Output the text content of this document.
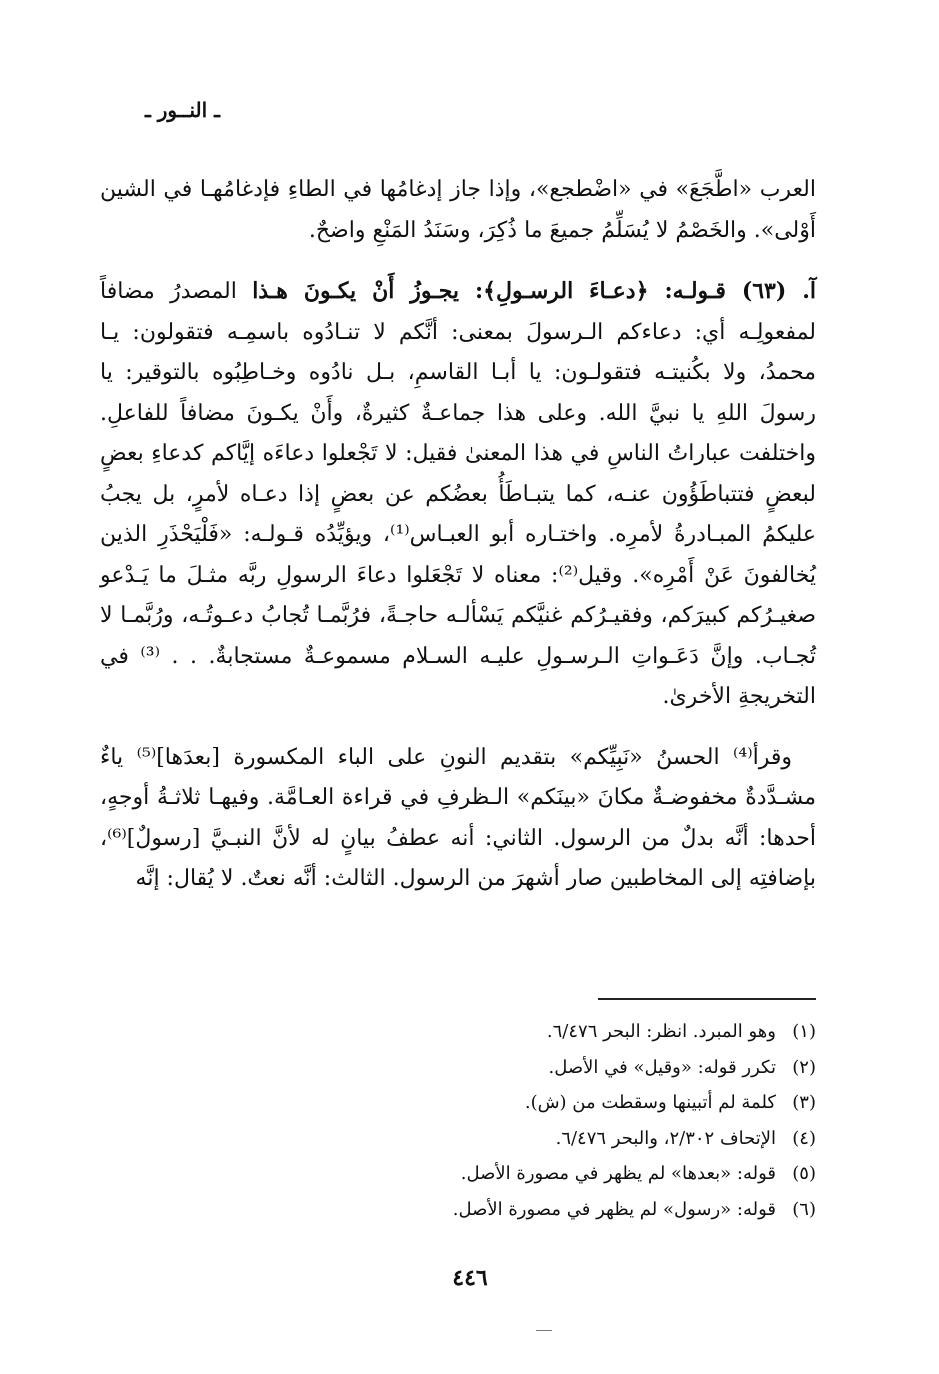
ـ النــور ـ

العرب «اطَّجَعَ» في «اضْطجع»، وإذا جاز إدغامُها في الطاءِ فإدغامُهـا في الشين أَوْلى». والخَصْمُ لا يُسَلِّمُ جميعَ ما ذُكِرَ، وسَنَدُ المَنْعِ واضحٌ.

آ. (٦٣) قـولـه: ﴿دعـاءَ الرسـولِ﴾: يجـوزُ أَنْ يكـونَ هـذا المصدرُ مضافاً لمفعولِـه أي: دعاءكم الـرسولَ بمعنى: أنَّكم لا تنـادُوه باسمِـه فتقولون: يـا محمدُ، ولا بكُنيتـه فتقولـون: يا أبـا القاسمِ، بـل نادُوه وخـاطِبُوه بالتوقير: يا رسولَ اللهِ يا نبيَّ الله. وعلى هذا جماعـةٌ كثيرةٌ، وأَنْ يكـونَ مضافاً للفاعلِ. واختلفت عباراتُ الناسِ في هذا المعنىٰ فقيل: لا تَجْعلوا دعاءَه إيَّاكم كدعاءِ بعضٍ لبعضٍ فتتباطَؤُون عنـه، كما يتبـاطَأُ بعضُكم عن بعضٍ إذا دعـاه لأمرٍ، بل يجبُ عليكمُ المبـادرةُ لأمرِه. واختـاره أبو العبـاس⁽¹⁾، ويؤيِّدُه قـولـه: «فَلْيَحْذَرِ الذين يُخالفونَ عَنْ أَمْرِه». وقيل⁽²⁾: معناه لا تَجْعَلوا دعاءَ الرسولِ ربَّه مثـلَ ما يَـدْعو صغيـرُكم كبيرَكم، وفقيـرُكم غنيَّكم يَسْألـه حاجـةً، فرُبَّمـا تُجابُ دعـوتُـه، ورُبَّمـا لا تُجـاب. وإنَّ دَعَـواتِ الـرسـولِ عليـه السـلام مسموعـةٌ مستجابةٌ. . . ⁽³⁾ في التخريجةِ الأخرىٰ.

وقرأ⁽⁴⁾ الحسنُ «نَبِيِّكم» بتقديم النونِ على الباء المكسورة [بعدَها]⁽⁵⁾ ياءٌ مشـدَّدةٌ مخفوضـةٌ مكانَ «بينَكم» الـظرفِ في قراءة العـامَّة. وفيهـا ثلاثـةُ أوجهٍ، أحدها: أنَّه بدلٌ من الرسول. الثاني: أنه عطفُ بيانٍ له لأنَّ النبـيَّ [رسولٌ]⁽⁶⁾، بإضافتِه إلى المخاطبين صار أشهرَ من الرسول. الثالث: أنَّه نعتٌ. لا يُقال: إنَّه

(١)وهو المبرد. انظر: البحر ٦/٤٧٦.
(٢)تكرر قوله: «وقيل» في الأصل.
(٣)كلمة لم أتبينها وسقطت من (ش).
(٤)الإتحاف ٢/٣٠٢، والبحر ٦/٤٧٦.
(٥)قوله: «بعدها» لم يظهر في مصورة الأصل.
(٦)قوله: «رسول» لم يظهر في مصورة الأصل.
٤٤٦
